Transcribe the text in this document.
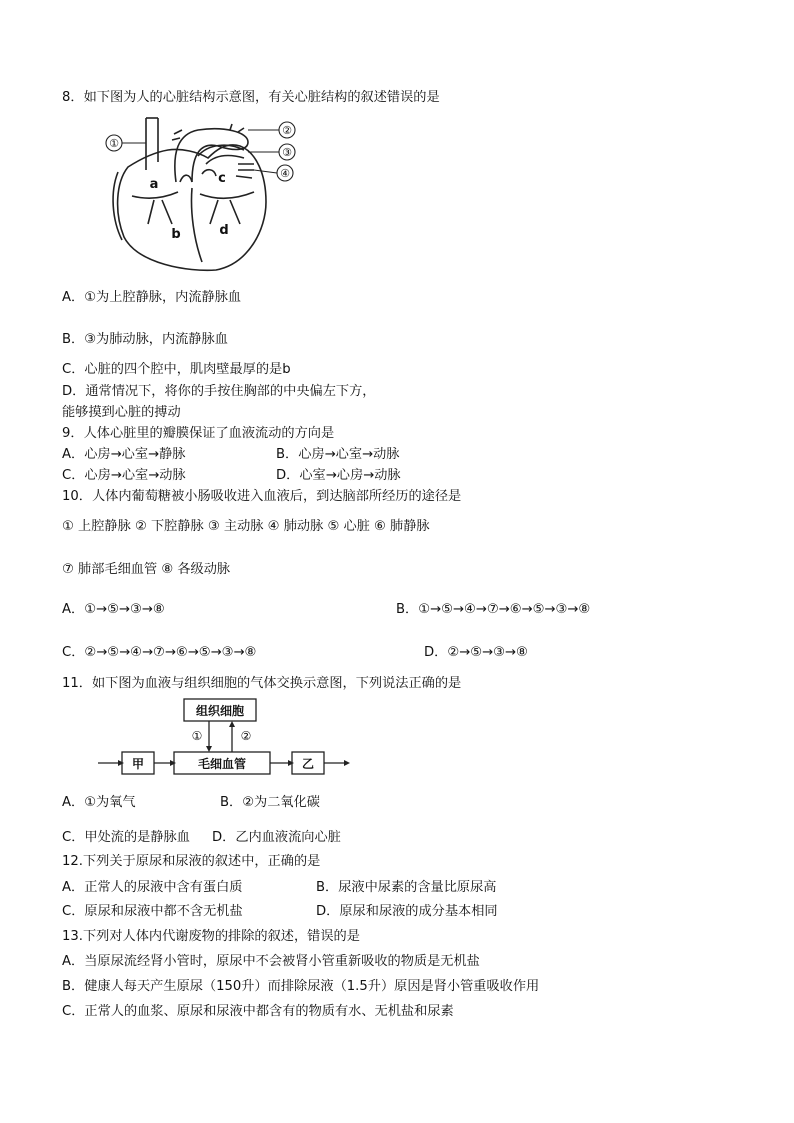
8．如下图为人的心脏结构示意图，有关心脏结构的叙述错误的是
①
②
③
④
a
b
c
d
A．①为上腔静脉，内流静脉血
B．③为肺动脉，内流静脉血
C．心脏的四个腔中，肌肉壁最厚的是b
D．通常情况下，将你的手按住胸部的中央偏左下方，
能够摸到心脏的搏动
9．人体心脏里的瓣膜保证了血液流动的方向是
A．心房→心室→静脉	B．心房→心室→动脉
C．心房→心室→动脉	D．心室→心房→动脉
10．人体内葡萄糖被小肠吸收进入血液后，到达脑部所经历的途径是
① 上腔静脉 ② 下腔静脉 ③ 主动脉 ④ 肺动脉 ⑤ 心脏 ⑥ 肺静脉
⑦ 肺部毛细血管 ⑧ 各级动脉
A．①→⑤→③→⑧	B．①→⑤→④→⑦→⑥→⑤→③→⑧
C．②→⑤→④→⑦→⑥→⑤→③→⑧	D．②→⑤→③→⑧
11．如下图为血液与组织细胞的气体交换示意图，下列说法正确的是
组织细胞
毛细血管
甲	乙
①	②
A．①为氧气	B．②为二氧化碳
C．甲处流的是静脉血 D．乙内血液流向心脏
12.下列关于原尿和尿液的叙述中，正确的是
A．正常人的尿液中含有蛋白质	B．尿液中尿素的含量比原尿高
C．原尿和尿液中都不含无机盐	D．原尿和尿液的成分基本相同
13.下列对人体内代谢废物的排除的叙述，错误的是
A．当原尿流经肾小管时，原尿中不会被肾小管重新吸收的物质是无机盐
B．健康人每天产生原尿（150升）而排除尿液（1.5升）原因是肾小管重吸收作用
C．正常人的血浆、原尿和尿液中都含有的物质有水、无机盐和尿素
